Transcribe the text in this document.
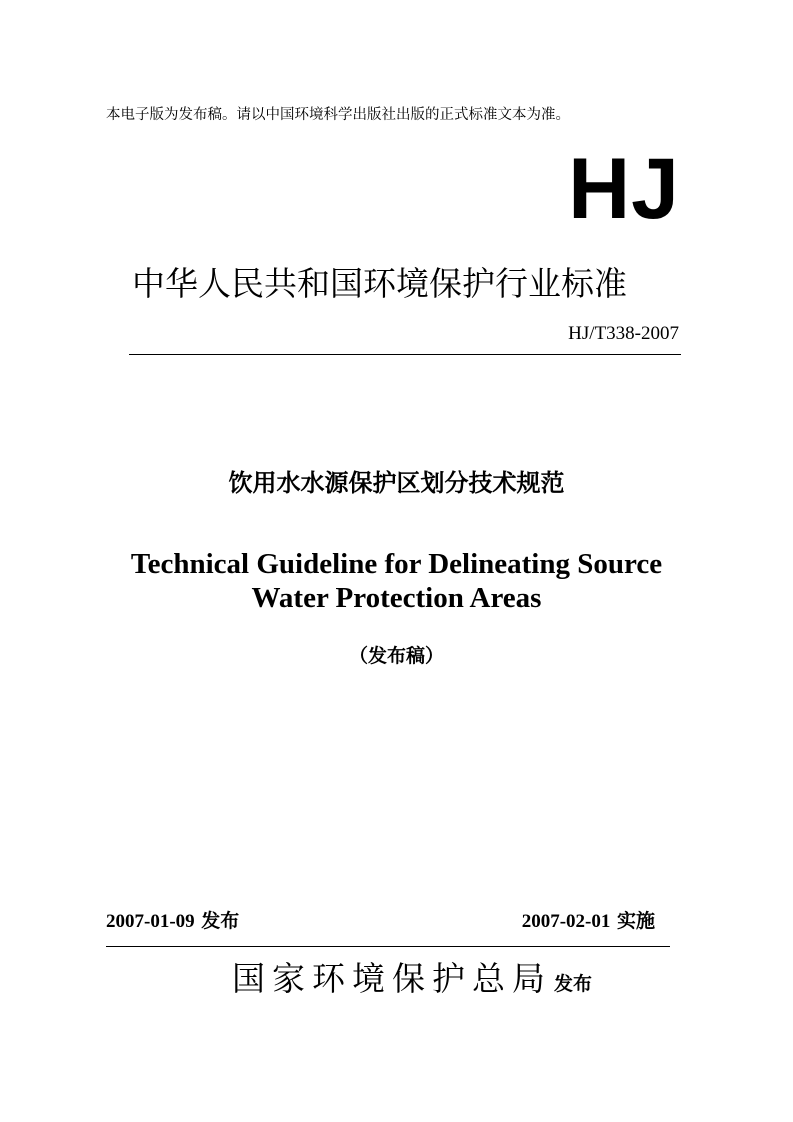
本电子版为发布稿。请以中国环境科学出版社出版的正式标准文本为准。
HJ
中华人民共和国环境保护行业标准
HJ/T338-2007
饮用水水源保护区划分技术规范
Technical Guideline for Delineating Source
Water Protection Areas
（发布稿）
2007-01-09 发布	2007-02-01 实施
国家环境保护总局 发布
